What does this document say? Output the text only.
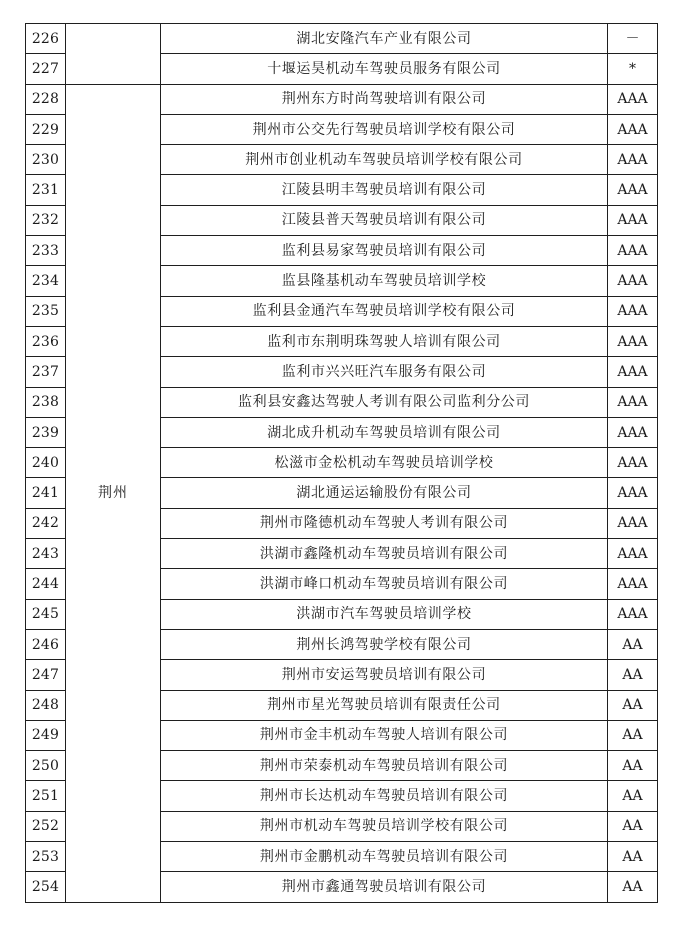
226		湖北安隆汽车产业有限公司	－
227		十堰运昊机动车驾驶员服务有限公司	*
228	荆州	荆州东方时尚驾驶培训有限公司	AAA
229		荆州市公交先行驾驶员培训学校有限公司	AAA
230		荆州市创业机动车驾驶员培训学校有限公司	AAA
231		江陵县明丰驾驶员培训有限公司	AAA
232		江陵县普天驾驶员培训有限公司	AAA
233		监利县易家驾驶员培训有限公司	AAA
234		监县隆基机动车驾驶员培训学校	AAA
235		监利县金通汽车驾驶员培训学校有限公司	AAA
236		监利市东荆明珠驾驶人培训有限公司	AAA
237		监利市兴兴旺汽车服务有限公司	AAA
238		监利县安鑫达驾驶人考训有限公司监利分公司	AAA
239		湖北成升机动车驾驶员培训有限公司	AAA
240		松滋市金松机动车驾驶员培训学校	AAA
241		湖北通运运输股份有限公司	AAA
242		荆州市隆德机动车驾驶人考训有限公司	AAA
243		洪湖市鑫隆机动车驾驶员培训有限公司	AAA
244		洪湖市峰口机动车驾驶员培训有限公司	AAA
245		洪湖市汽车驾驶员培训学校	AAA
246		荆州长鸿驾驶学校有限公司	AA
247		荆州市安运驾驶员培训有限公司	AA
248		荆州市星光驾驶员培训有限责任公司	AA
249		荆州市金丰机动车驾驶人培训有限公司	AA
250		荆州市荣泰机动车驾驶员培训有限公司	AA
251		荆州市长达机动车驾驶员培训有限公司	AA
252		荆州市机动车驾驶员培训学校有限公司	AA
253		荆州市金鹏机动车驾驶员培训有限公司	AA
254		荆州市鑫通驾驶员培训有限公司	AA
